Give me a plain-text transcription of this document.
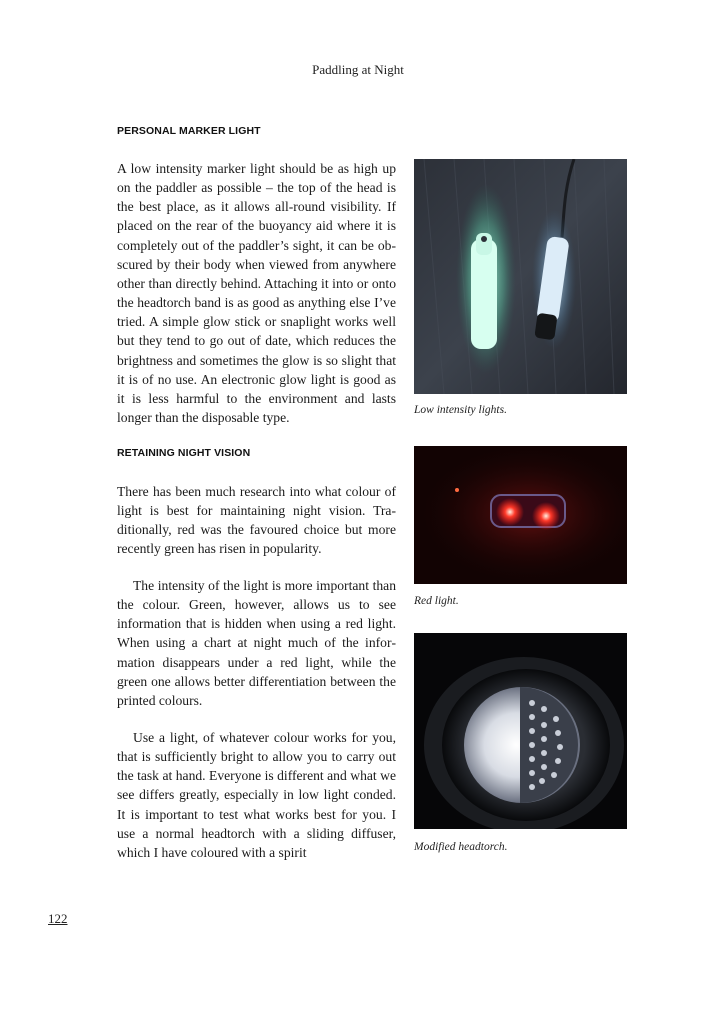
Paddling at Night
PERSONAL MARKER LIGHT

A low intensity marker light should be as high up on the paddler as possible – the top of the head is the best place, as it allows all-round visibility. If placed on the rear of the buoyancy aid where it is completely out of the paddler’s sight, it can be obscured by their body when viewed from anywhere other than directly behind. Attaching it into or onto the headtorch band is as good as anything else I’ve tried. A simple glow stick or snaplight works well but they tend to go out of date, which reduces the brightness and sometimes the glow is so slight that it is of no use. An electronic glow light is good as it is less harmful to the environment and lasts longer than the disposable type.

RETAINING NIGHT VISION

There has been much research into what colour of light is best for maintaining night vision. Traditionally, red was the favoured choice but more recently green has risen in popularity.

The intensity of the light is more important than the colour. Green, however, allows us to see information that is hidden when using a red light. When using a chart at night much of the information disappears under a red light, while the green one allows better differentiation between the printed colours.

Use a light, of whatever colour works for you, that is sufficiently bright to allow you to carry out the task at hand. Everyone is different and what we see differs greatly, especially in low light conded. It is important to test what works best for you. I use a normal headtorch with a sliding diffuser, which I have coloured with a spirit

Low intensity lights.
Red light.
Modified headtorch.
122
